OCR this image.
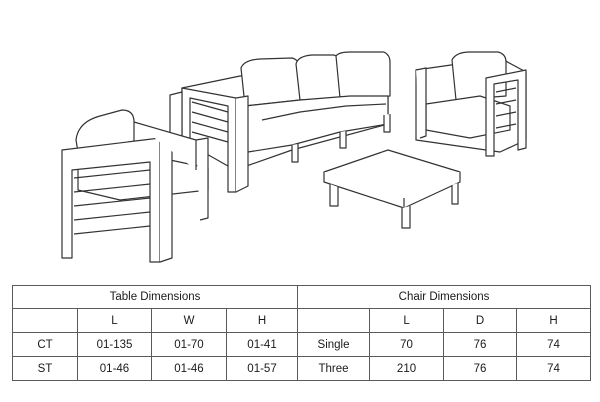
Table Dimensions				Chair Dimensions			
	L	W	H		L	D	H
CT	01-135	01-70	01-41	Single	70	76	74
ST	01-46	01-46	01-57	Three	210	76	74
